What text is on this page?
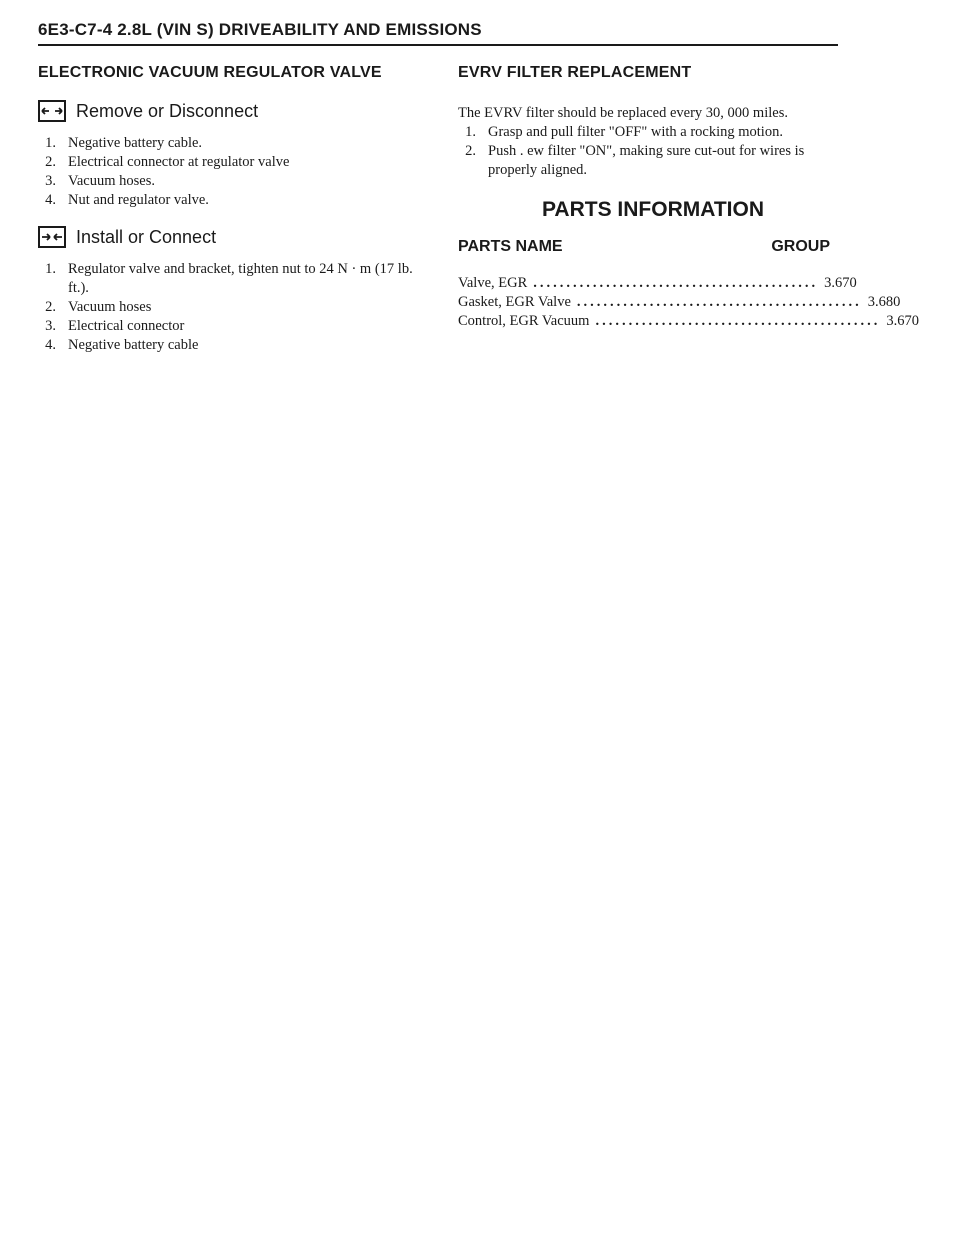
6E3-C7-4 2.8L (VIN S) DRIVEABILITY AND EMISSIONS
ELECTRONIC VACUUM REGULATOR VALVE
Remove or Disconnect
1. Negative battery cable.
2. Electrical connector at regulator valve
3. Vacuum hoses.
4. Nut and regulator valve.
Install or Connect
1. Regulator valve and bracket, tighten nut to 24 N · m (17 lb. ft.).
2. Vacuum hoses
3. Electrical connector
4. Negative battery cable
EVRV FILTER REPLACEMENT

The EVRV filter should be replaced every 30, 000 miles.

1. Grasp and pull filter "OFF" with a rocking motion.
2. Push . ew filter "ON", making sure cut-out for wires is properly aligned.
PARTS INFORMATION
PARTS NAME	GROUP
Valve, EGR ........................................... 3.670
Gasket, EGR Valve ........................................... 3.680
Control, EGR Vacuum ........................................... 3.670
